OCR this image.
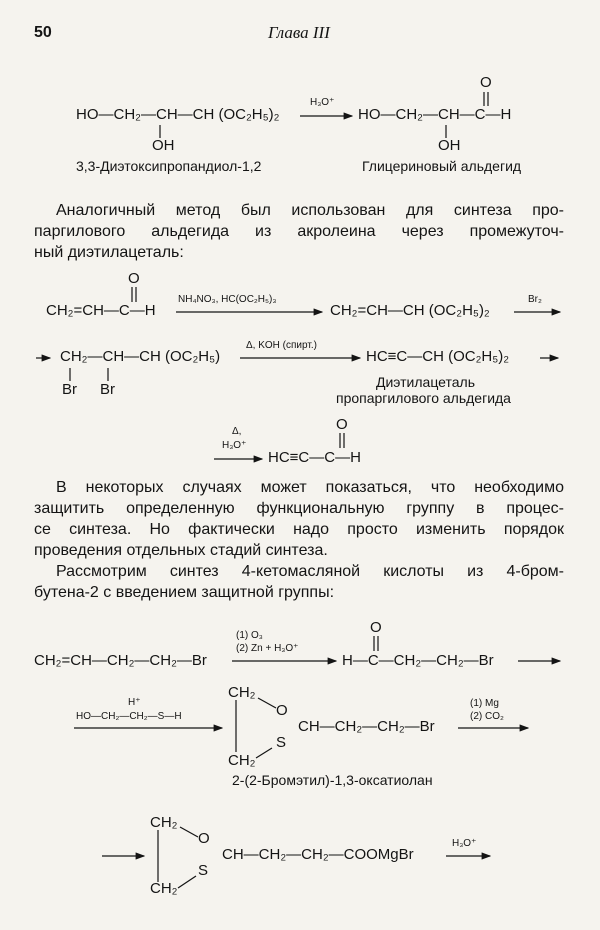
50	Глава III
HO—CH₂—CH—CH (OC₂H₅)₂
OH
H₃O⁺
HO—CH₂—CH—C—H
O
OH
3,3-Диэтоксипропандиол-1,2	Глицериновый альдегид
Аналогичный метод был использован для синтеза про-
паргилового альдегида из акролеина через промежуточ-
ный диэтилацеталь:
CH₂=CH—C—H
O
NH₄NO₃, HC(OC₂H₅)₃
CH₂=CH—CH (OC₂H₅)₂
Br₂
CH₂—CH—CH (OC₂H₅)
Br Br
Δ, KOH (спирт.)
HC≡C—CH (OC₂H₅)₂
Диэтилацеталь
пропаргилового альдегида
Δ,
H₃O⁺
HC≡C—C—H
O
В некоторых случаях может показаться, что необходимо
защитить определенную функциональную группу в процес-
се синтеза. Но фактически надо просто изменить порядок
проведения отдельных стадий синтеза.
Рассмотрим синтез 4-кетомасляной кислоты из 4-бром-
бутена-2 с введением защитной группы:
CH₂=CH—CH₂—CH₂—Br
(1) O₃
(2) Zn + H₃O⁺
H—C—CH₂—CH₂—Br
O
H⁺
HO—CH₂—CH₂—S—H
CH₂
O
S
CH₂
CH—CH₂—CH₂—Br
(1) Mg
(2) CO₂
2-(2-Бромэтил)-1,3-оксатиолан
CH₂
O
S
CH₂
CH—CH₂—CH₂—COOMgBr
H₃O⁺
